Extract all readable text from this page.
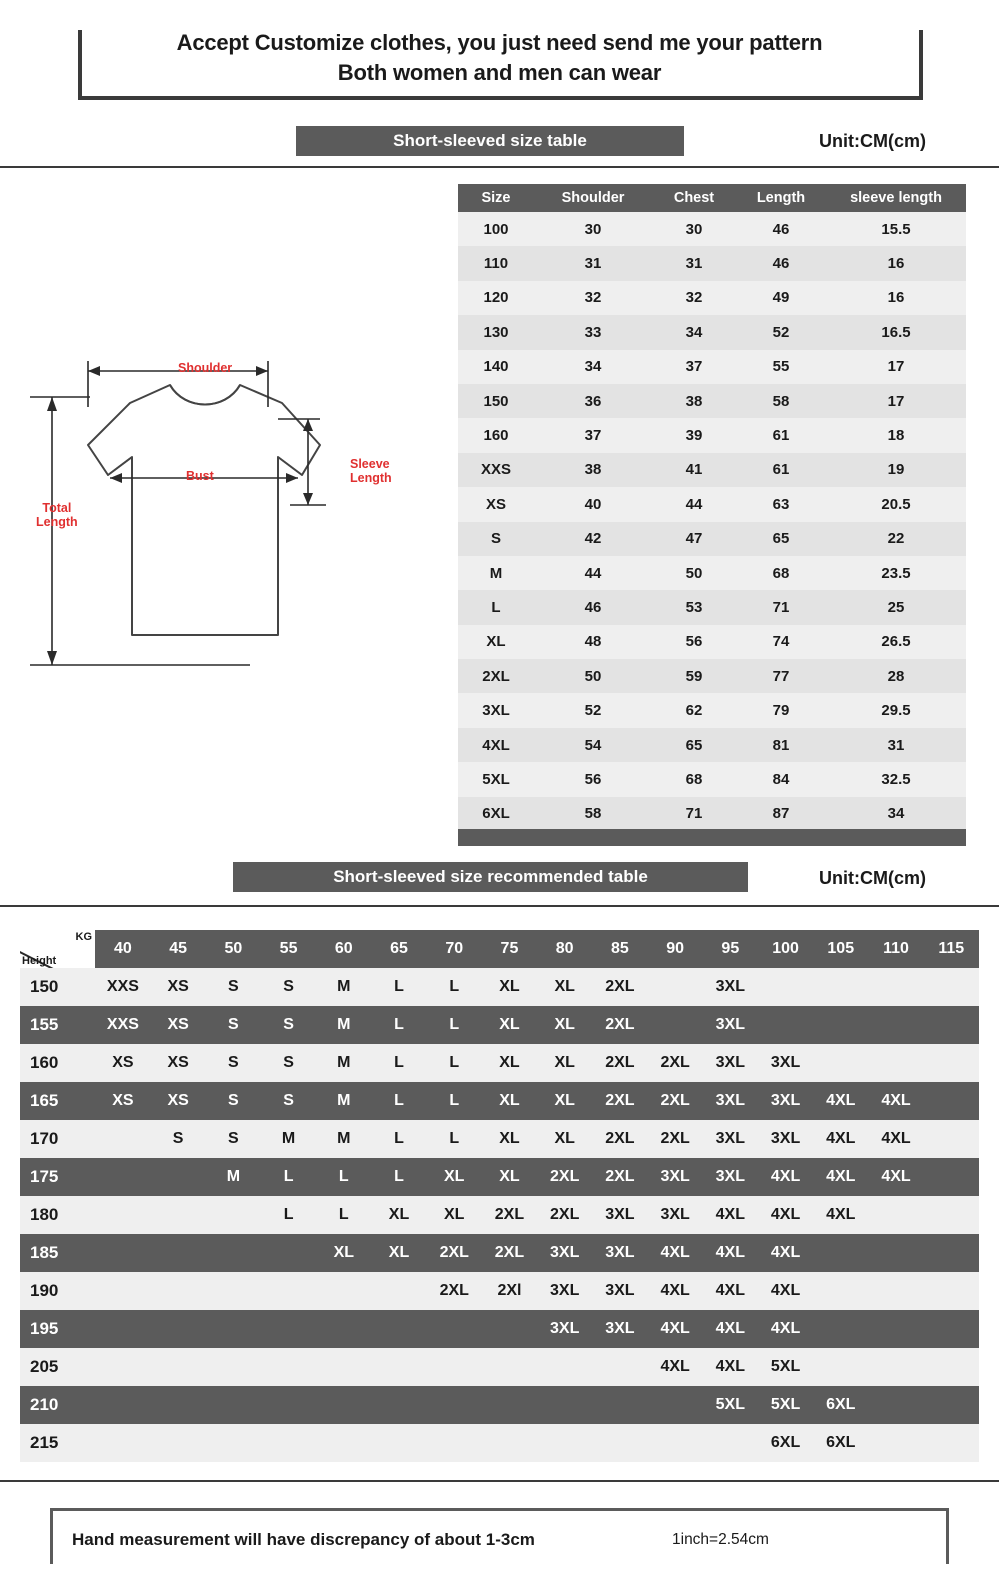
Accept Customize clothes, you just need send me your pattern
Both women and men can wear
Short-sleeved size table	Unit:CM(cm)
Shoulder
Bust
Sleeve
Length
Total
Length
Size	Shoulder	Chest	Length	sleeve length
100	30	30	46	15.5
110	31	31	46	16
120	32	32	49	16
130	33	34	52	16.5
140	34	37	55	17
150	36	38	58	17
160	37	39	61	18
XXS	38	41	61	19
XS	40	44	63	20.5
S	42	47	65	22
M	44	50	68	23.5
L	46	53	71	25
XL	48	56	74	26.5
2XL	50	59	77	28
3XL	52	62	79	29.5
4XL	54	65	81	31
5XL	56	68	84	32.5
6XL	58	71	87	34
Short-sleeved size recommended table	Unit:CM(cm)
KG
Height	40	45	50	55	60	65	70	75	80	85	90	95	100	105	110	115
150	XXS	XS	S	S	M	L	L	XL	XL	2XL		3XL				
155	XXS	XS	S	S	M	L	L	XL	XL	2XL		3XL				
160	XS	XS	S	S	M	L	L	XL	XL	2XL	2XL	3XL	3XL			
165	XS	XS	S	S	M	L	L	XL	XL	2XL	2XL	3XL	3XL	4XL	4XL	
170		S	S	M	M	L	L	XL	XL	2XL	2XL	3XL	3XL	4XL	4XL	
175			M	L	L	L	XL	XL	2XL	2XL	3XL	3XL	4XL	4XL	4XL	
180				L	L	XL	XL	2XL	2XL	3XL	3XL	4XL	4XL	4XL		
185					XL	XL	2XL	2XL	3XL	3XL	4XL	4XL	4XL			
190							2XL	2Xl	3XL	3XL	4XL	4XL	4XL			
195									3XL	3XL	4XL	4XL	4XL			
205											4XL	4XL	5XL			
210												5XL	5XL	6XL		
215													6XL	6XL		
Hand measurement will have discrepancy of about 1-3cm	1inch=2.54cm
